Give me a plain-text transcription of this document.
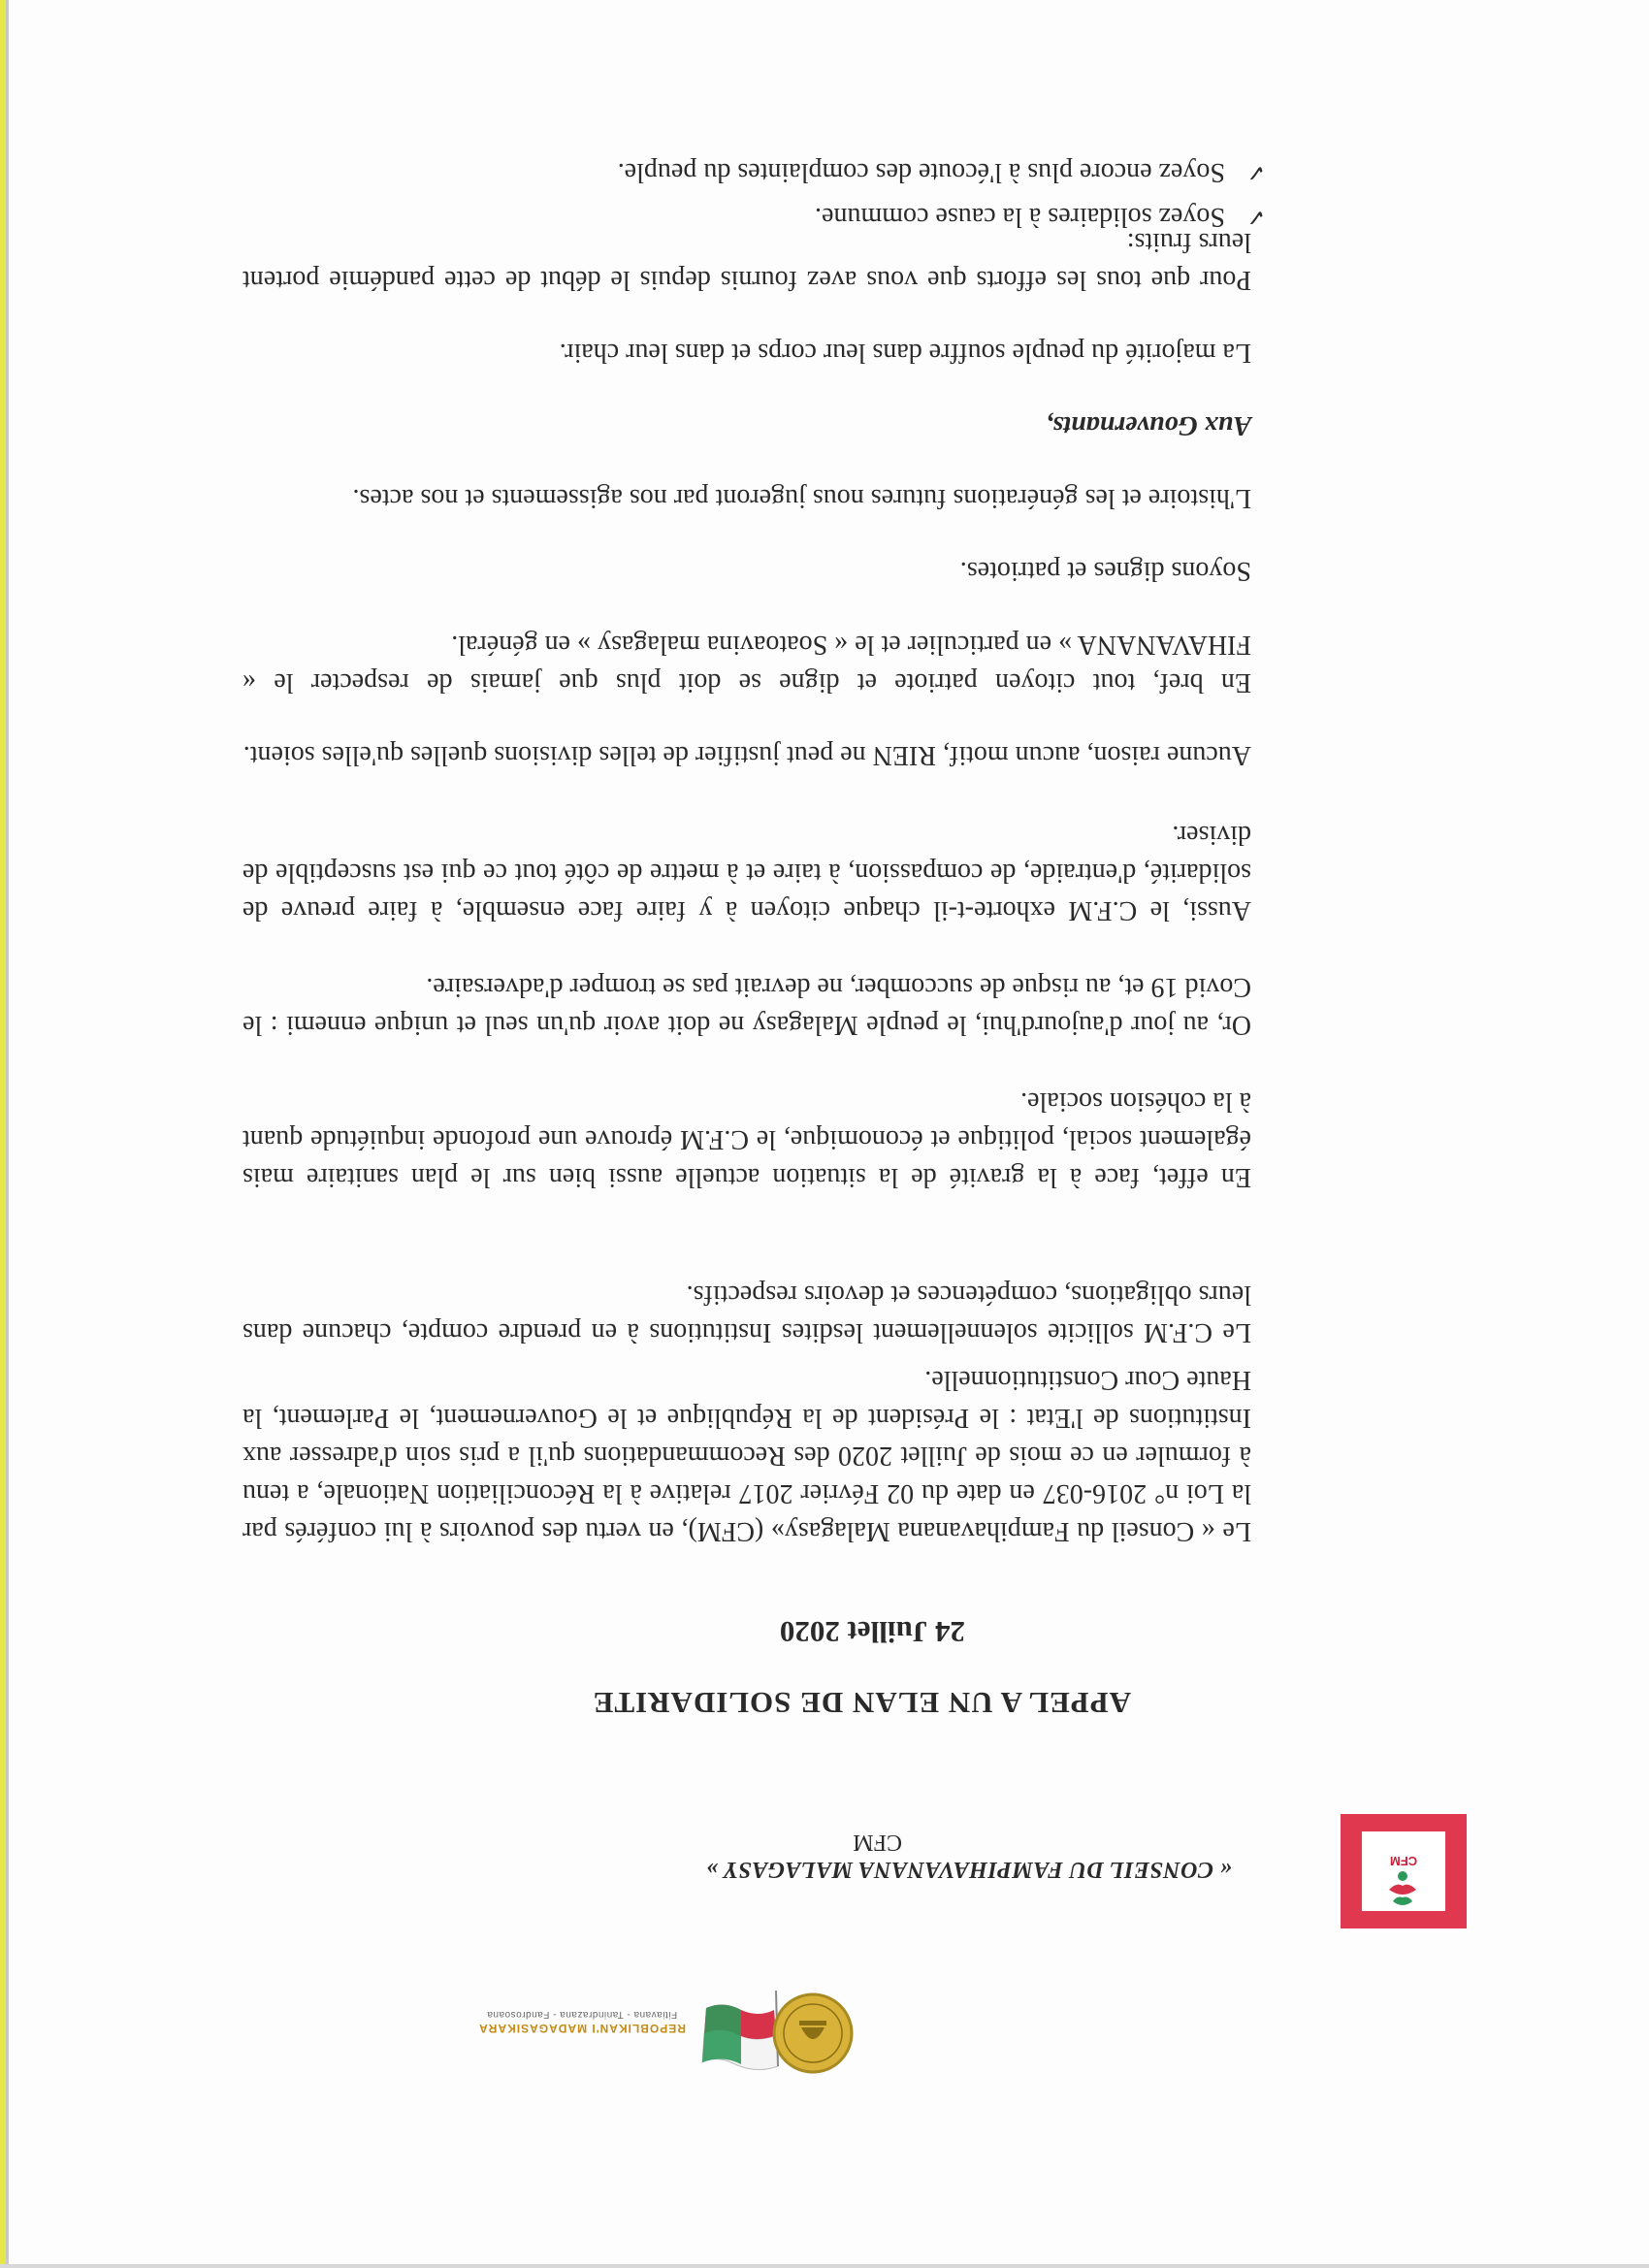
REPOBLIKAN'I MADAGASIKARA
Fitiavana - Tanindrazana - Fandrosoana
CFM

« CONSEIL DU FAMPIHAVANANA MALAGASY »

CFM

APPEL A UN ELAN DE SOLIDARITE
24 Juillet 2020

Le « Conseil du Fampihavanana Malagasy» (CFM), en vertu des pouvoirs à lui conférés par la Loi n° 2016-037 en date du 02 Février 2017 relative à la Réconciliation Nationale, a tenu à formuler en ce mois de Juillet 2020 des Recommandations qu'il a pris soin d'adresser aux Institutions de l'Etat : le Président de la République et le Gouvernement, le Parlement, la Haute Cour Constitutionnelle.

Le C.F.M sollicite solennellement lesdites Institutions à en prendre compte, chacune dans leurs obligations, compétences et devoirs respectifs.

En effet, face à la gravité de la situation actuelle aussi bien sur le plan sanitaire mais également social, politique et économique, le C.F.M éprouve une profonde inquiétude quant à la cohésion sociale.

Or, au jour d'aujourd'hui, le peuple Malagasy ne doit avoir qu'un seul et unique ennemi : le Covid 19 et, au risque de succomber, ne devrait pas se tromper d'adversaire.

Aussi, le C.F.M exhorte-t-il chaque citoyen à y faire face ensemble, à faire preuve de solidarité, d'entraide, de compassion, à taire et à mettre de côté tout ce qui est susceptible de diviser.

Aucune raison, aucun motif, RIEN ne peut justifier de telles divisions quelles qu'elles soient.

En bref, tout citoyen patriote et digne se doit plus que jamais de respecter le « FIHAVANANA » en particulier et le « Soatoavina malagasy » en général.

Soyons dignes et patriotes.

L'histoire et les générations futures nous jugeront par nos agissements et nos actes.

Aux Gouvernants,

La majorité du peuple souffre dans leur corps et dans leur chair.

Pour que tous les efforts que vous avez fournis depuis le début de cette pandémie portent leurs fruits:

✓
Soyez solidaires à la cause commune.
✓
Soyez encore plus à l'écoute des complaintes du peuple.
